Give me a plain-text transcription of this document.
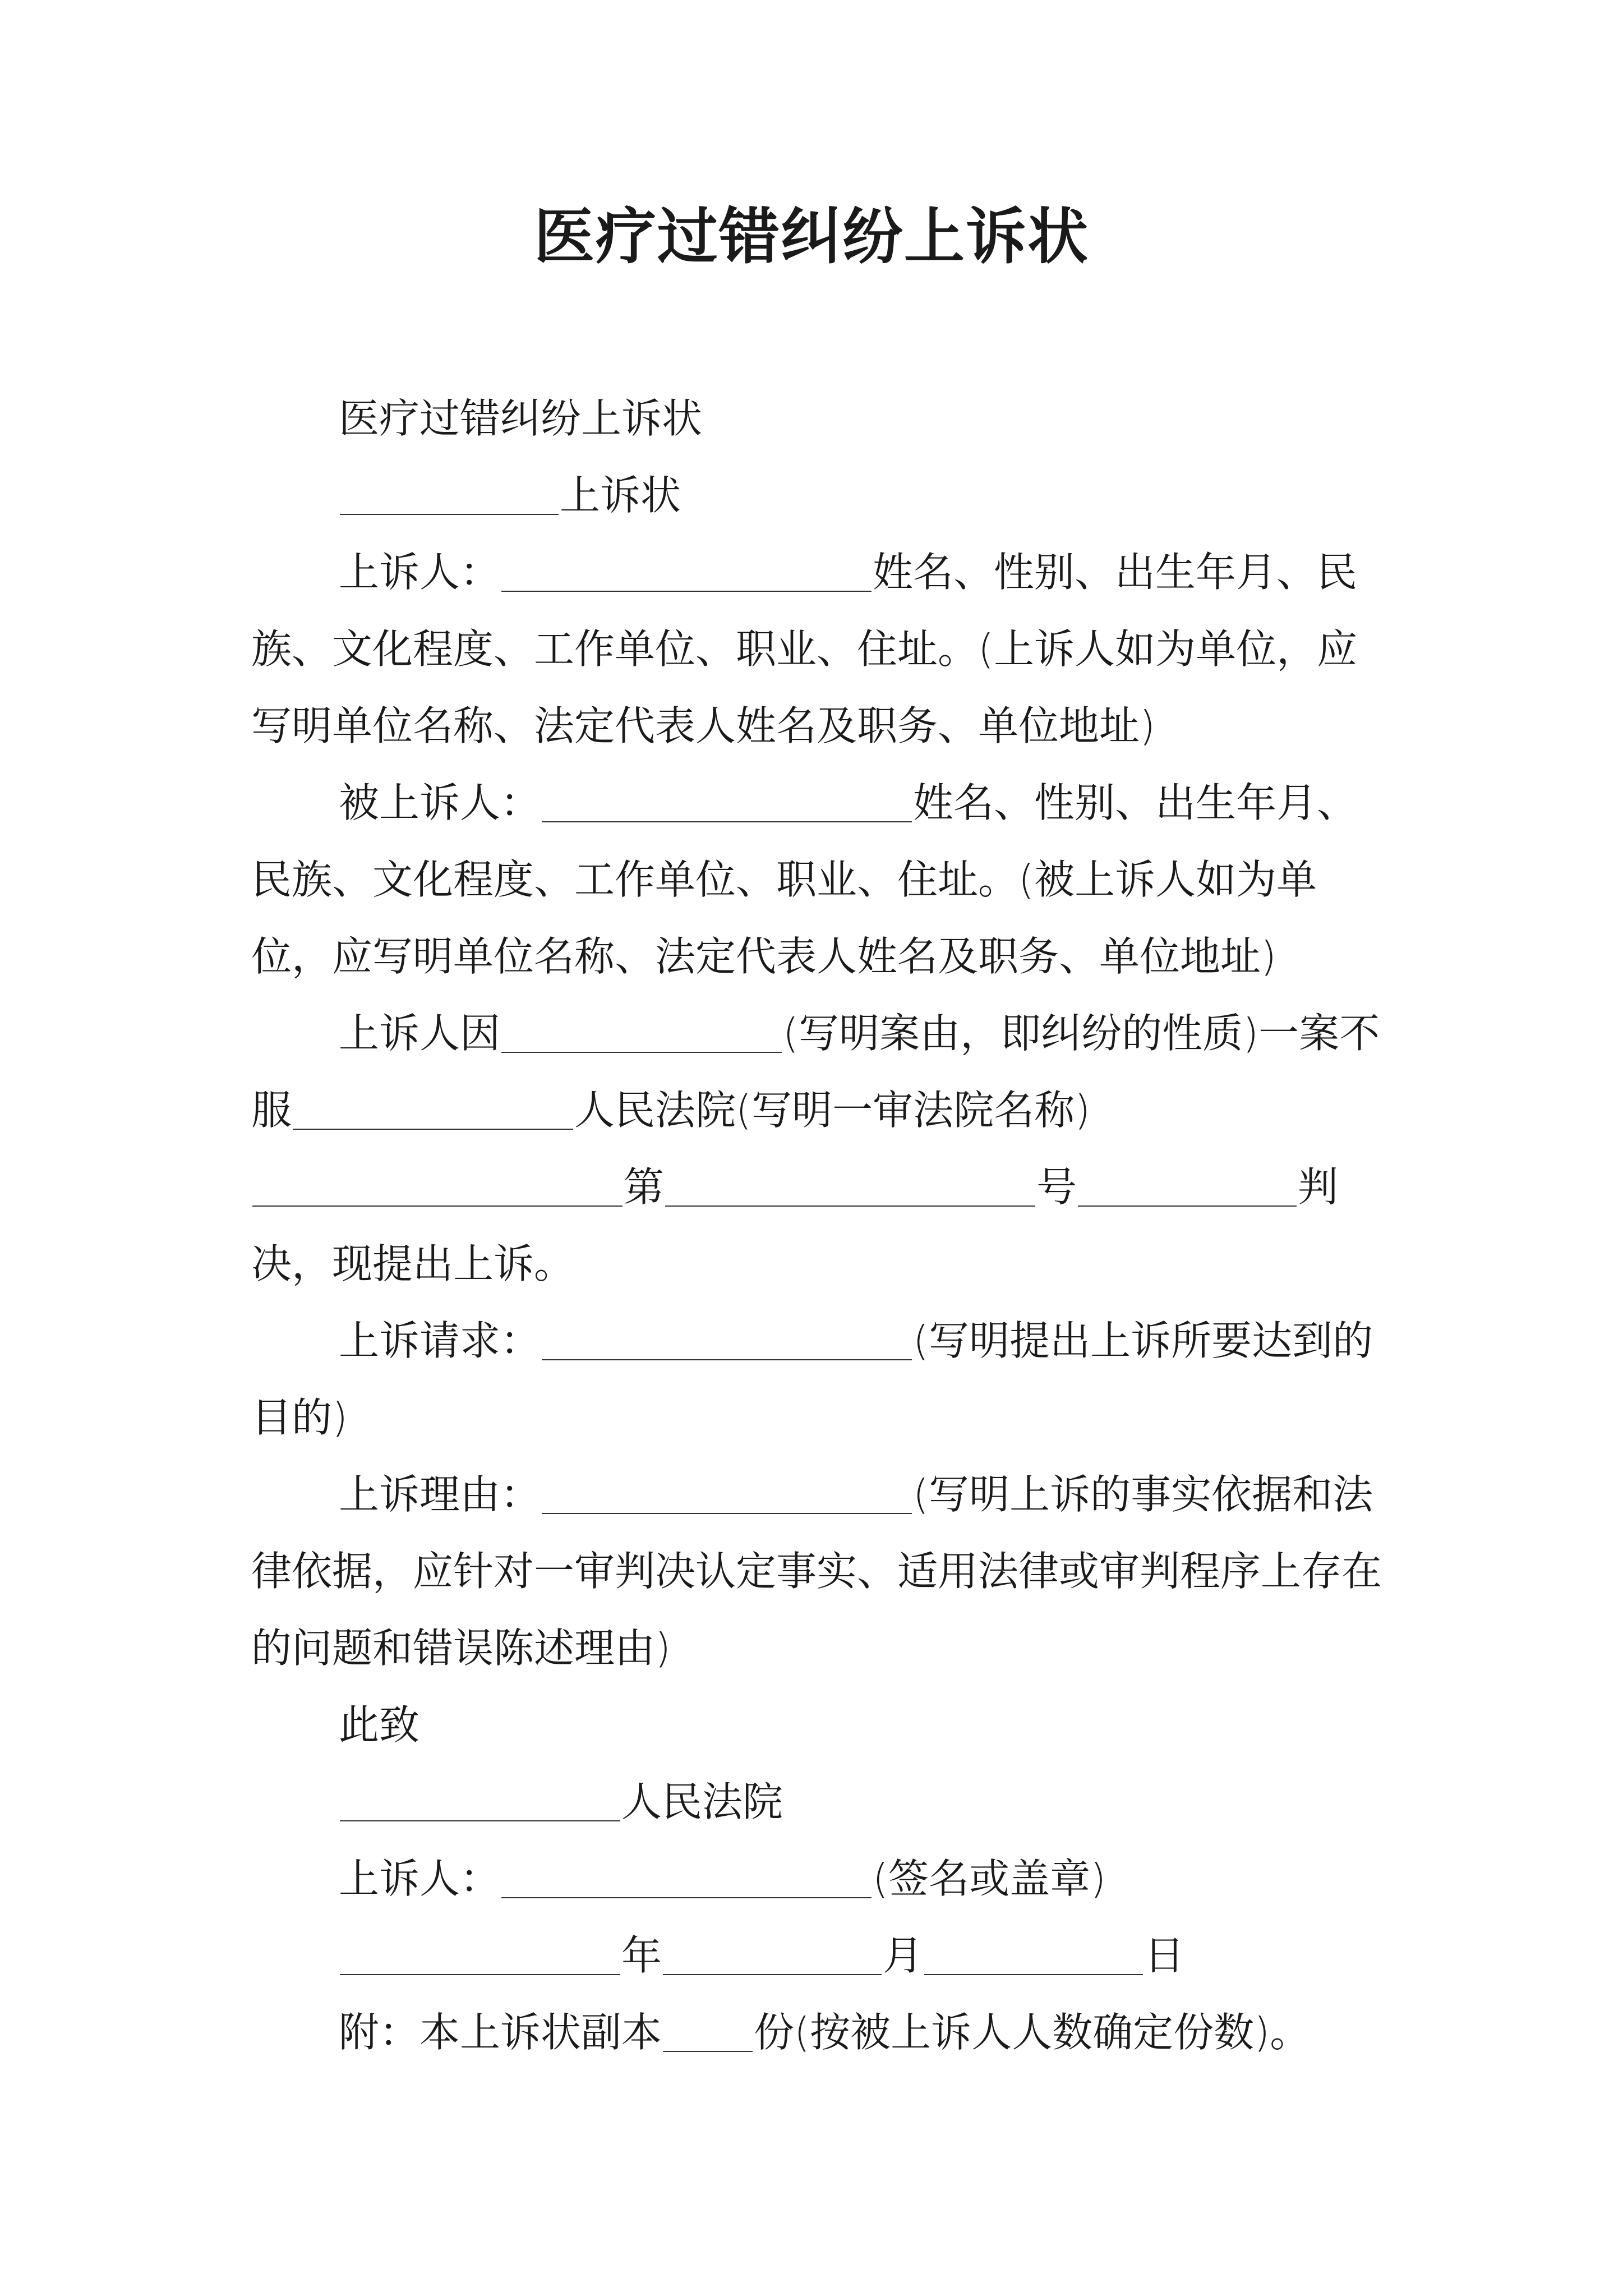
医疗过错纠纷上诉状

医疗过错纠纷上诉状

上诉状

上诉人：	姓名、性别、出生年月、民族、文化程度、工作单位、职业、住址。(上诉人如为单位，应写明单位名称、法定代表人姓名及职务、单位地址)

被上诉人：	姓名、性别、出生年月、民族、文化程度、工作单位、职业、住址。(被上诉人如为单位，应写明单位名称、法定代表人姓名及职务、单位地址)

上诉人因	(写明案由，即纠纷的性质)一案不服	人民法院(写明一审法院名称)第	号	判决，现提出上诉。

上诉请求：	(写明提出上诉所要达到的目的)

上诉理由：	(写明上诉的事实依据和法律依据，应针对一审判决认定事实、适用法律或审判程序上存在的问题和错误陈述理由)

此致

人民法院

上诉人：	(签名或盖章)

年	月	日

附：本上诉状副本 份(按被上诉人人数确定份数)。
